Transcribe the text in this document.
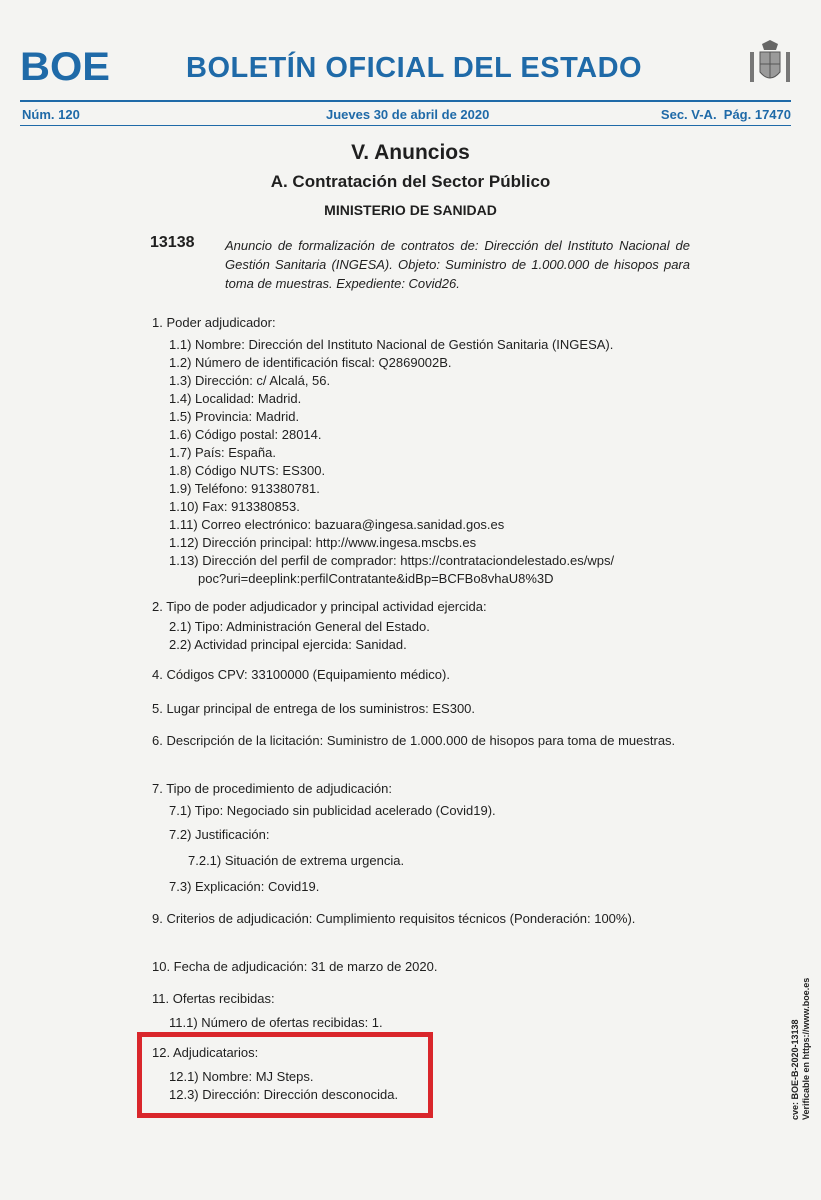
BOE	BOLETÍN OFICIAL DEL ESTADO
Núm. 120	Jueves 30 de abril de 2020	Sec. V-A.  Pág. 17470
V. Anuncios
A. Contratación del Sector Público
MINISTERIO DE SANIDAD
13138 Anuncio de formalización de contratos de: Dirección del Instituto Nacional de Gestión Sanitaria (INGESA). Objeto: Suministro de 1.000.000 de hisopos para toma de muestras. Expediente: Covid26.
1. Poder adjudicador:
1.1) Nombre: Dirección del Instituto Nacional de Gestión Sanitaria (INGESA).
1.2) Número de identificación fiscal: Q2869002B.
1.3) Dirección: c/ Alcalá, 56.
1.4) Localidad: Madrid.
1.5) Provincia: Madrid.
1.6) Código postal: 28014.
1.7) País: España.
1.8) Código NUTS: ES300.
1.9) Teléfono: 913380781.
1.10) Fax: 913380853.
1.11) Correo electrónico: bazuara@ingesa.sanidad.gos.es
1.12) Dirección principal: http://www.ingesa.mscbs.es
1.13) Dirección del perfil de comprador: https://contrataciondelestado.es/wps/
poc?uri=deeplink:perfilContratante&idBp=BCFBo8vhaU8%3D
2. Tipo de poder adjudicador y principal actividad ejercida:
2.1) Tipo: Administración General del Estado.
2.2) Actividad principal ejercida: Sanidad.
4. Códigos CPV: 33100000 (Equipamiento médico).
5. Lugar principal de entrega de los suministros: ES300.
6. Descripción de la licitación: Suministro de 1.000.000 de hisopos para toma de muestras.
7. Tipo de procedimiento de adjudicación:
7.1) Tipo: Negociado sin publicidad acelerado (Covid19).
7.2) Justificación:
7.2.1) Situación de extrema urgencia.
7.3) Explicación: Covid19.
9. Criterios de adjudicación: Cumplimiento requisitos técnicos (Ponderación: 100%).
10. Fecha de adjudicación: 31 de marzo de 2020.
11. Ofertas recibidas:
11.1) Número de ofertas recibidas: 1.
12. Adjudicatarios:
12.1) Nombre: MJ Steps.
12.3) Dirección: Dirección desconocida.	cve: BOE-B-2020-13138 Verificable en https://www.boe.es
